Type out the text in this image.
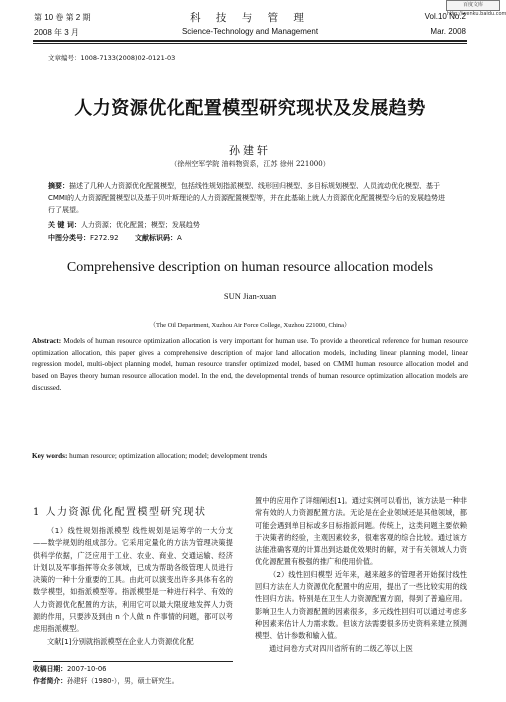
百度文库 http://wenku.baidu.com
第 10 卷 第 2 期
2008 年 3 月
科 技 与 管 理
Science-Technology and Management
Vol.10 No.2
Mar. 2008
文章编号：1008-7133(2008)02-0121-03
人力资源优化配置模型研究现状及发展趋势
孙建轩
（徐州空军学院 油料物资系，江苏 徐州 221000）
摘要：描述了几种人力资源优化配置模型，包括线性规划指派模型、线形回归模型、多目标规划模型、人员流动优化模型、基于CMMI的人力资源配置模型以及基于贝叶斯理论的人力资源配置模型等，并在此基础上就人力资源优化配置模型今后的发展趋势进行了展望。
关 键 词：人力资源；优化配置；模型；发展趋势
中图分类号：F272.92 文献标识码：A
Comprehensive description on human resource allocation models
SUN Jian-xuan
（The Oil Department, Xuzhou Air Force College, Xuzhou 221000, China）
Abstract: Models of human resource optimization allocation is very important for human use. To provide a theoretical reference for human resource optimization allocation, this paper gives a comprehensive description of major land allocation models, including linear planning model, linear regression model, multi-object planning model, human resource transfer optimized model, based on CMMI human resource allocation model and based on Bayes theory human resource allocation model. In the end, the developmental trends of human resource optimization allocation models are discussed.
Key words: human resource; optimization allocation; model; development trends
1 人力资源优化配置模型研究现状
（1）线性规划指派模型 线性规划是运筹学的一大分支——数学规划的组成部分。它采用定量化的方法为管理决策提供科学依据，广泛应用于工业、农业、商业、交通运输、经济计划以及军事指挥等众多领域，已成为帮助各级管理人员进行决策的一种十分重要的工具。由此可以演变出许多具体有名的数学模型，如指派模型等。指派模型是一种进行科学、有效的人力资源优化配置的方法，利用它可以最大限度地发挥人力资源的作用，只要涉及到由 n 个人做 n 件事情的问题，都可以考虑用指派模型。
文献[1]分别就指派模型在企业人力资源优化配
收稿日期：2007-10-06
作者简介：孙建轩（1980-），男，硕士研究生。
置中的应用作了详细阐述[1]。通过实例可以看出，该方法是一种非常有效的人力资源配置方法。无论是在企业领域还是其他领域，都可能会遇到单目标或多目标指派问题。传统上，这类问题主要依赖于决策者的经验，主观因素较多，很难客观的综合比较。通过该方法能准确客观的计算出到达最优效果时的解，对于有关领域人力资优化源配置有极强的推广和使用价值。
（2）线性回归模型 近年来，越来越多的管理者开始探讨线性回归方法在人力资源优化配置中的应用，提出了一些比较实用的线性回归方法。特别是在卫生人力资源配置方面，得到了普遍应用。影响卫生人力资源配置的因素很多，多元线性回归可以通过考虑多种因素来估计人力需求数。但该方法需要很多历史资料来建立预测模型、估计参数和输入值。
通过问卷方式对四川省所有的二级乙等以上医
